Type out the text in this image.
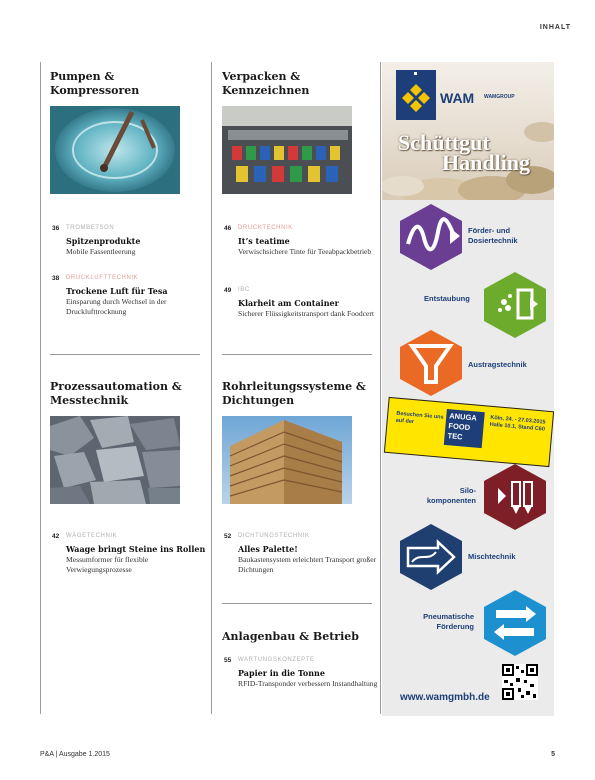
INHALT
Pumpen & Kompressoren
36 TROMBETSON
Spitzenprodukte
Mobile Fassentleerung
38 DRUCKLUFTTECHNIK
Trockene Luft für Tesa
Einsparung durch Wechsel in der Drucklufttrocknung
Verpacken & Kennzeichnen
46 DRUCKTECHNIK
It’s teatime
Verwischsichere Tinte für Teeabpackbetrieb
49 IBC
Klarheit am Container
Sicherer Flüssigkeitstransport dank Foodcert
Prozessautomation & Messtechnik
42 WÄGETECHNIK
Waage bringt Steine ins Rollen
Messumformer für flexible Verwiegungsprozesse
Rohrleitungssysteme & Dichtungen
52 DICHTUNGSTECHNIK
Alles Palette!
Baukastensystem erleichtert Transport großer Dichtungen
Anlagenbau & Betrieb
55 WARTUNGSKONZEPTE
Papier in die Tonne
RFID-Transponder verbessern Instandhaltung
WAM WAMGROUP
Schüttgut
Handling
Förder- und Dosiertechnik
Entstaubung
Austragstechnik
Besuchen Sie uns auf der	ANUGA
FOOD
TEC
Köln, 24. - 27.03.2015 Halle 10.1, Stand C60
Silo-komponenten
Mischtechnik
Pneumatische Förderung
www.wamgmbh.de
P&A | Ausgabe 1.2015	5
